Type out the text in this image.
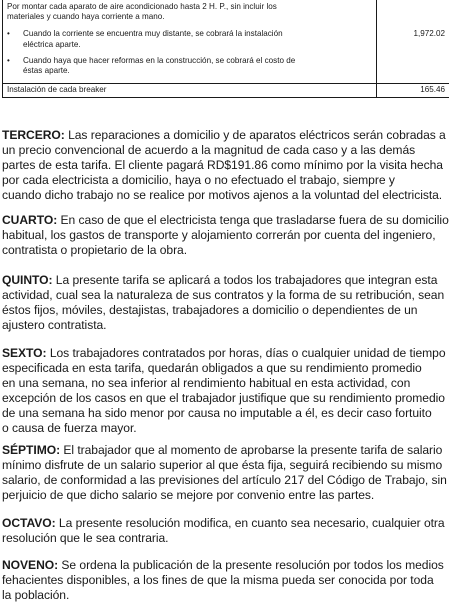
Por montar cada aparato de aire acondicionado hasta 2 H. P., sin incluir los
materiales y cuando haya corriente a mano.
•	Cuando la corriente se encuentra muy distante, se cobrará la instalación
eléctrica aparte.
•	Cuando haya que hacer reformas en la construcción, se cobrará el costo de
éstas aparte.
1,972.02
Instalación de cada breaker	165.46
TERCERO: Las reparaciones a domicilio y de aparatos eléctricos serán cobradas a
un precio convencional de acuerdo a la magnitud de cada caso y a las demás
partes de esta tarifa. El cliente pagará RD$191.86 como mínimo por la visita hecha
por cada electricista a domicilio, haya o no efectuado el trabajo, siempre y
cuando dicho trabajo no se realice por motivos ajenos a la voluntad del electricista.
CUARTO: En caso de que el electricista tenga que trasladarse fuera de su domicilio
habitual, los gastos de transporte y alojamiento correrán por cuenta del ingeniero,
contratista o propietario de la obra.
QUINTO: La presente tarifa se aplicará a todos los trabajadores que integran esta
actividad, cual sea la naturaleza de sus contratos y la forma de su retribución, sean
éstos fijos, móviles, destajistas, trabajadores a domicilio o dependientes de un
ajustero contratista.
SEXTO: Los trabajadores contratados por horas, días o cualquier unidad de tiempo
especificada en esta tarifa, quedarán obligados a que su rendimiento promedio
en una semana, no sea inferior al rendimiento habitual en esta actividad, con
excepción de los casos en que el trabajador justifique que su rendimiento promedio
de una semana ha sido menor por causa no imputable a él, es decir caso fortuito
o causa de fuerza mayor.
SÉPTIMO: El trabajador que al momento de aprobarse la presente tarifa de salario
mínimo disfrute de un salario superior al que ésta fija, seguirá recibiendo su mismo
salario, de conformidad a las previsiones del artículo 217 del Código de Trabajo, sin
perjuicio de que dicho salario se mejore por convenio entre las partes.
OCTAVO: La presente resolución modifica, en cuanto sea necesario, cualquier otra
resolución que le sea contraria.
NOVENO: Se ordena la publicación de la presente resolución por todos los medios
fehacientes disponibles, a los fines de que la misma pueda ser conocida por toda
la población.
